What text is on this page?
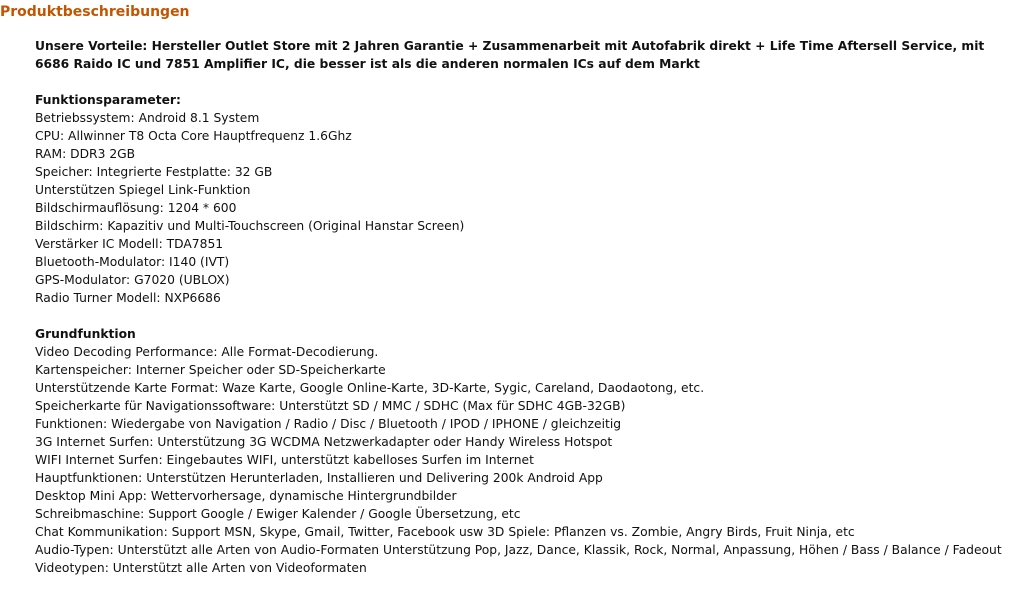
Produktbeschreibungen

Unsere Vorteile: Hersteller Outlet Store mit 2 Jahren Garantie + Zusammenarbeit mit Autofabrik direkt + Life Time Aftersell Service, mit 6686 Raido IC und 7851 Amplifier IC, die besser ist als die anderen normalen ICs auf dem Markt

Funktionsparameter:

Betriebssystem: Android 8.1 System
CPU: Allwinner T8 Octa Core Hauptfrequenz 1.6Ghz
RAM: DDR3 2GB
Speicher: Integrierte Festplatte: 32 GB
Unterstützen Spiegel Link-Funktion
Bildschirmauflösung: 1204 * 600
Bildschirm: Kapazitiv und Multi-Touchscreen (Original Hanstar Screen)
Verstärker IC Modell: TDA7851
Bluetooth-Modulator: I140 (IVT)
GPS-Modulator: G7020 (UBLOX)
Radio Turner Modell: NXP6686

Grundfunktion

Video Decoding Performance: Alle Format-Decodierung.
Kartenspeicher: Interner Speicher oder SD-Speicherkarte
Unterstützende Karte Format: Waze Karte, Google Online-Karte, 3D-Karte, Sygic, Careland, Daodaotong, etc.
Speicherkarte für Navigationssoftware: Unterstützt SD / MMC / SDHC (Max für SDHC 4GB-32GB)
Funktionen: Wiedergabe von Navigation / Radio / Disc / Bluetooth / IPOD / IPHONE / gleichzeitig
3G Internet Surfen: Unterstützung 3G WCDMA Netzwerkadapter oder Handy Wireless Hotspot
WIFI Internet Surfen: Eingebautes WIFI, unterstützt kabelloses Surfen im Internet
Hauptfunktionen: Unterstützen Herunterladen, Installieren und Delivering 200k Android App
Desktop Mini App: Wettervorhersage, dynamische Hintergrundbilder
Schreibmaschine: Support Google / Ewiger Kalender / Google Übersetzung, etc
Chat Kommunikation: Support MSN, Skype, Gmail, Twitter, Facebook usw 3D Spiele: Pflanzen vs. Zombie, Angry Birds, Fruit Ninja, etc
Audio-Typen: Unterstützt alle Arten von Audio-Formaten Unterstützung Pop, Jazz, Dance, Klassik, Rock, Normal, Anpassung, Höhen / Bass / Balance / Fadeout
Videotypen: Unterstützt alle Arten von Videoformaten
